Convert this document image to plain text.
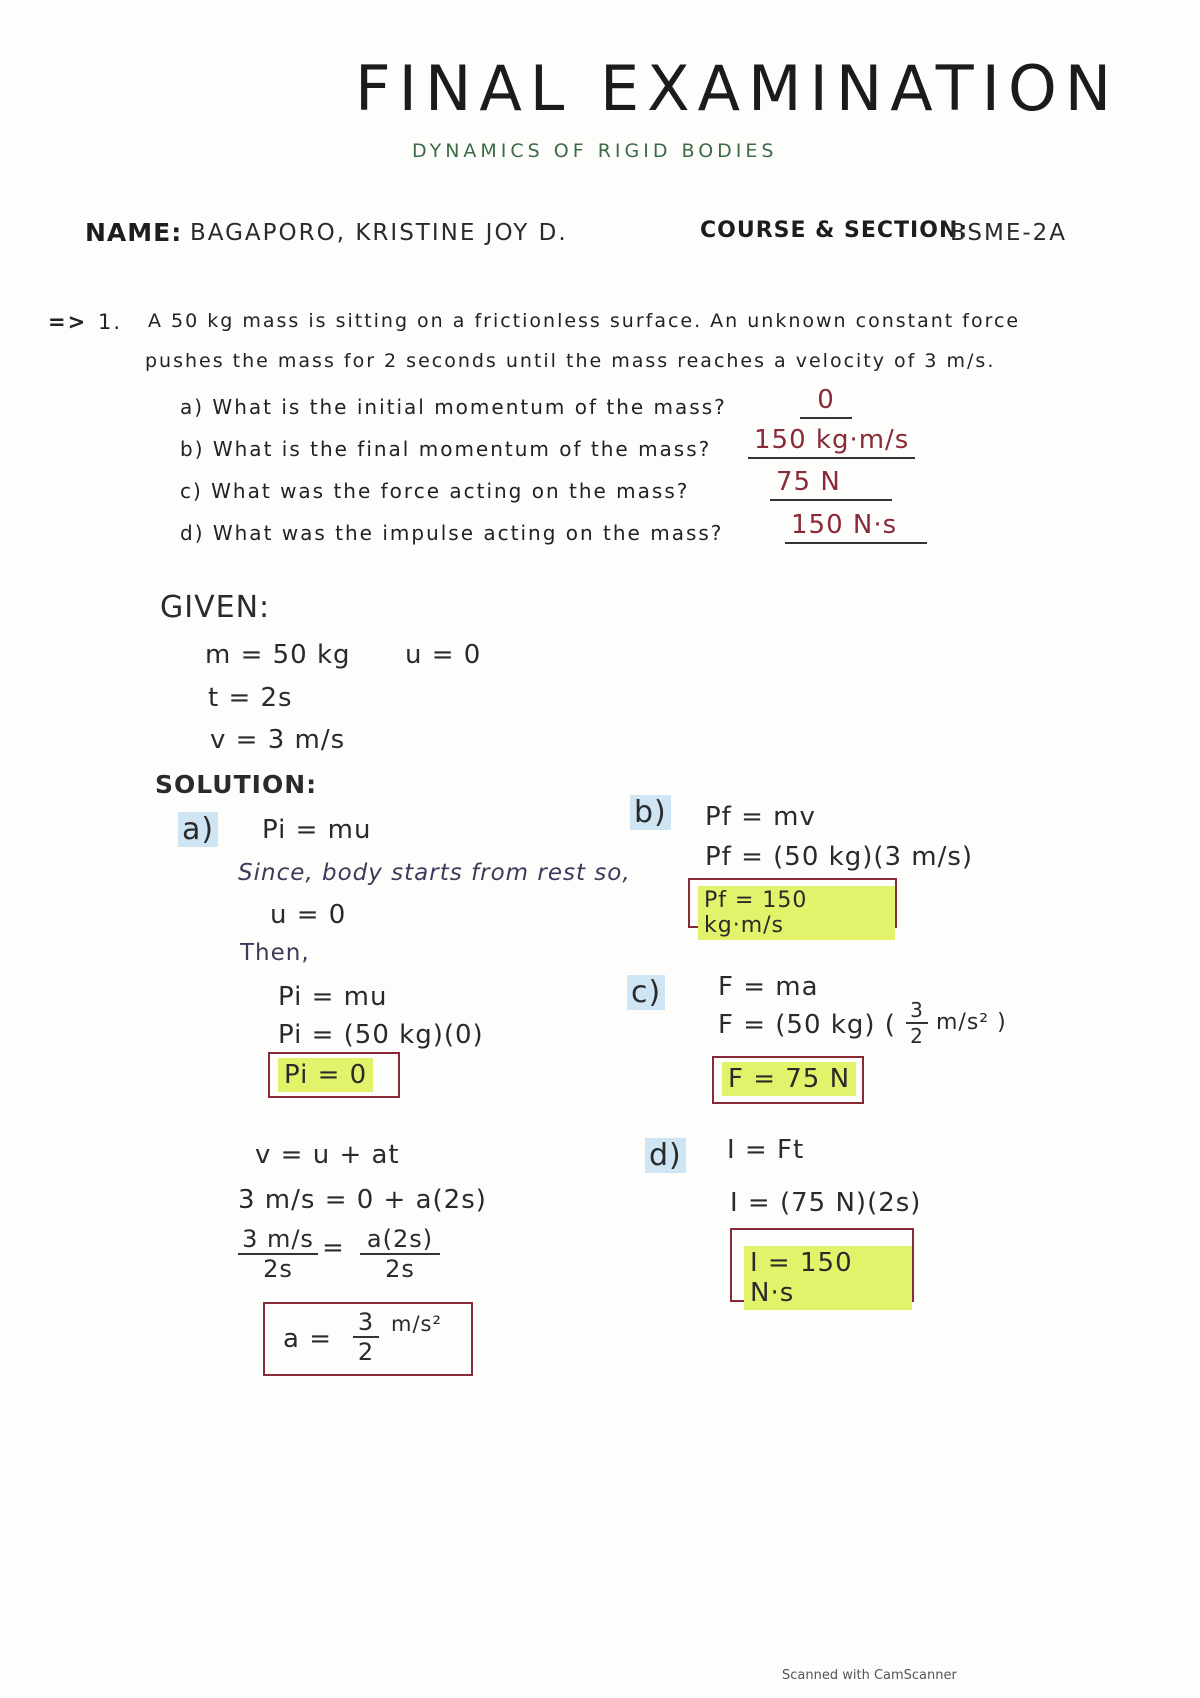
FINAL EXAMINATION
DYNAMICS OF RIGID BODIES
NAME: BAGAPORO, KRISTINE JOY D.	COURSE & SECTION:
BSME-2A
=> 1. A 50 kg mass is sitting on a frictionless surface. An unknown constant force
pushes the mass for 2 seconds until the mass reaches a velocity of 3 m/s.
a) What is the initial momentum of the mass?	0
b) What is the final momentum of the mass? 150 kg·m/s
c) What was the force acting on the mass?	75 N
d) What was the impulse acting on the mass?	150 N·s
GIVEN:
m = 50 kg
t = 2s
v = 3 m/s
u = 0
SOLUTION:
a) Pi = mu
Since, body starts from rest so,
u = 0
Then,
Pi = mu
Pi = (50 kg)(0)
Pi = 0
v = u + at
3 m/s = 0 + a(2s)
3 m/s
2s
= a(2s)
2s
a =
3
2
m/s²
b) Pf = mv
Pf = (50 kg)(3 m/s)
Pf = 150 kg·m/s
c) F = ma
F = (50 kg) ( 3
2
m/s² )
F = 75 N
d) I = Ft
I = (75 N)(2s)
I = 150 N·s
Scanned with CamScanner
